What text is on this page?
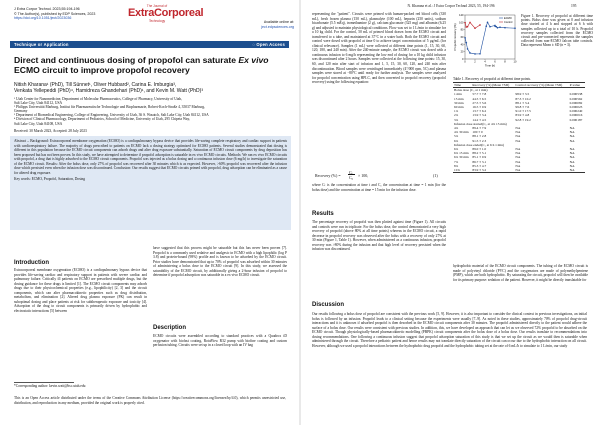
J Extra Corpor Technol. 2023;55:194-196
© The Author(s), published by EDP Sciences, 2023
https://doi.org/10.1051/ject/2023036
The Journal of
ExtraCorporeal
Technology	Available online at:
ject.edpsciences.org
Technique or Application	◌ Open Access
Direct and continuous dosing of propofol can saturate Ex vivo
ECMO circuit to improve propofol recovery
Nitish Kharana¹ (PhD), Till Sünnet¹, Oliver Hubbard², Carina E. Imburgia³,
Venkata Yellepeddi (PhD)⁴, Hamidreza Ghandehari (PhD)¹, and Kevin M. Watt (PhD)³
¹ Utah Center for Nanomedicine, Department of Molecular Pharmaceutics, College of Pharmacy, University of Utah,
Salt Lake City, Utah 84112, USA
² Philipps Universität Marburg, Institut für Pharmazeutische Technologie und Biopharmazie, Robert-Koch-Straße 4, 35037 Marburg,
Germany
³ Department of Biomedical Engineering, College of Engineering, University of Utah, 36 S. Wasatch, Salt Lake City, Utah 84112, USA
⁴ Division of Clinical Pharmacology, Department of Pediatrics, School of Medicine, University of Utah, 295 Chipeta Way,
Salt Lake City, Utah 84108, USA
Received: 30 March 2023, Accepted: 28 July 2023
Abstract – Background: Extracorporeal membrane oxygenation (ECMO) is a cardiopulmonary bypass device that provides life-saving complete respiratory and cardiac support in patients with cardiorespiratory failure. The majority of drugs prescribed to patients on ECMO lack a dosing strategy optimized for ECMO patients. Several studies demonstrated that dosing is different in this population because the ECMO circuit components can adsorb drugs and alter drug exposure substantially. Saturation of ECMO circuit components by drug deposition has been proposed but has not been proven. In this study, we have attempted to determine if propofol adsorption is saturable in ex vivo ECMO circuits. Methods: We ran ex vivo ECMO circuits with propofol, a drug that is highly adsorbed to the ECMO circuit components. Propofol was injected as a bolus dosing and a continuous infusion dose (6 mg/h) to investigate the saturation of the ECMO circuit. Results: After the bolus dose, only 27% of propofol was recovered after 30 minutes which is as expected. However, >60% propofol was recovered after the infusion dose which persisted even when the infusion dose was discontinued. Conclusion: Our results suggest that ECMO circuits primed with propofol, drug adsorption can be eliminated as a cause for altered drug exposure.
Key words: ECMO, Propofol, Saturation, Dosing
Introduction
Extracorporeal membrane oxygenation (ECMO) is a cardiopulmonary bypass device that provides life-saving cardiac and respiratory support in patients with severe cardiac and pulmonary failure. Critically ill patients on ECMO are prescribed multiple drugs, but the dosing guidance for these drugs is limited [1]. The ECMO circuit components may adsorb drugs due to their physicochemical properties (e.g., lipophilicity) [2, 3] and the circuit components, which can alter pharmacokinetic properties such as drug distribution, metabolism, and elimination [2]. Altered drug plasma exposure (PK) can result in suboptimal dosing and place patients at risk for subtherapeutic exposure and toxicity [4]. Adsorption of the drug to circuit components is primarily driven by hydrophobic and electrostatic interactions [5] between
have suggested that this process might be saturable but this has never been proven [7]. Propofol is a commonly used sedative and analgesic in ECMO with a high lipophilic (log P 3.8) and protein-bound (98%) profile and is known to be adsorbed by the ECMO circuit. Prior studies have demonstrated that up to 70% of propofol was adsorbed within 30 minutes of administering a bolus dose to the ECMO circuit [9]. In this study, we assessed the saturability of the ECMO circuit, by additionally giving a 2-hour infusion of propofol to determine if propofol adsorption was saturable in a ex vivo ECMO circuit.
Description
ECMO circuits were assembled according to standard practices with a Quadrox iD oxygenator with biofast coating, RotaFlow R32 pump with biofine coating and custom perfusion tubing. Circuits were set up in a closed loop with an IV bag
*Corresponding author: kevin.watt@hsc.utah.edu
This is an Open Access article distributed under the terms of the Creative Commons Attribution License (https://creativecommons.org/licenses/by/4.0), which permits unrestricted use, distribution, and reproduction in any medium, provided the original work is properly cited.
N. Kharana et al.: J Extra Corpor Technol 2023, 55, 194-196	195
representing the "patient". Circuits were primed with human-packed red blood cells (330 mL), fresh frozen plasma (150 mL), plasmalyte (100 mL), heparin (250 units), sodium bicarbonate (5.5 mEq), tromethamine (2 g), calcium gluconate (325 mg) and albumin (6.25 g) and adjusted to maintain physiological conditions. Flow was set to 1 L/min to simulate for a 10 kg child. For the control, 50 mL of primed blood drawn from the ECMO circuit and transferred to a tube, and maintained at 37°C in a water bath. Both the ECMO circuit and control were dosed with propofol at time 0 to achieve target concentration of 5 µg/mL (for clinical relevance). Samples (1 mL) were collected at different time points (1, 15, 30, 60, 120, 180, and 240 min). After the 240-minute sample, the ECMO circuit was dosed with a continuous infusion to 6 mg/h representing the low end of dosing for a 10 kg child infusion was discontinued after 2 hours. Samples were collected at the following time points: 15, 30, 60, and 120 min after start of infusion and 1, 5, 15, 30, 60, 120, and 240 min after discontinuation. Blood samples were centrifuged immediately (4°/000 rpm, 5C) and plasma samples were stored at −80°C until ready for further analysis. The samples were analyzed for propofol concentration using HPLC, and then converted to propofol recovery (propofol recovery) using the following equation:
Recovery (%) =
Cₜ
C₀ × 100,	(1)
where Cₜ is the concentration at time t and C₀ the concentration at time = 1 min (for the bolus dose) and the concentration at time = 15 min for the infusion dose.
Results
The percentage recovery of propofol was then plotted against time (Figure 1). All circuits and controls were run in triplicate. For the bolus dose, the control demonstrated a very high recovery of propofol (above 80% at all time points) whereas in the ECMO circuit, a rapid decrease in propofol recovery was observed after the bolus with a recovery of only 27% at 30 min (Figure 1, Table 1). However, when administered as a continuous infusion, propofol recovery was >80% during the infusion and that high level of recovery persisted when the infusion was discontinued.
Discussion
Our results following a bolus dose of propofol are consistent with the previous work [5, 9]. However, it is also important to consider the clinical context in previous investigations, an initial bolus is followed by an infusion. Propofol leads to a clinical setting because the experiments were usually [7–9]. As noted in these studies, approximately 70% of propofol drug-circuit interactions and it is unknown if adsorbed propofol is then desorbed in the ECMO circuit components after 30 minutes. The propofol administered directly to the patient would adhere the surface of a bolus dose. Our results were consistent with previous studies. In addition, this, we have developed an approach that can let us we observed 72% propofol to be absorbed on the ECMO circuit. Though physiologically-based pharmacokinetic modelling (PBPK) circuit components after the bolus dose of a bolus dose. Our results translate to recommendations into dosing recommendations. One following a continuous infusion suggest that propofol adsorption saturation of this study is that we set up the circuit as we would then is saturable when administered through the circuit. Therefore a pediatric patient and hence results may not translate directly saturation of the circuit can occur due to the hydrophobic interaction on all circuit. However, although we used a propofol interactions between the hydrophobic drug propofol and the hydrophobic tubing set at the rate of 6 mL/h to simulate to 1 L/min, our study
0
20
40
60
80
100
120
0	2	4	6	8	10
Time (h)
Propofol recovery (%)
ECMO
Control
Figure 1. Recovery of propofol at different time points. Bolus dose was given at 0 and infusion dose started at 4 h and stopped at 6 h with samples collected up to a total of 10 h. Propofol recovery samples collected from the ECMO circuit and pre-connected represents the samples collected from non-ECMO falcon tube controls. Data represent Mean ± SD (n = 3).
Table 1. Recovery of propofol at different time points.
Time	Recovery (%) (Mean ±SD)	Control recovery (%) (Mean ±SD)	P-value
Bolus dose (C₀ at 1 min)			
1 min	57.7 ± 7.8	98.9 ± 3.5	0.000538
15 min	44.5 ± 6.5	87.3 ± 10.2	0.000562
30 min	27.5 ± 5.6	88.1 ± 3.4	0.000082
60 min	16.5 ± 0.9	99.8 ± 7.6	0.000023
1 h	13.7 ± 6.2	91.0 ± 17.5	0.000240
2 h	13.9 ± 3.4	83.9 ± 4.8	0.000016
3 h	14.2 ± 4.5	92.8 ± 19.2	0.000187
Infusion dose started(C₀ at 4 h 15 min)			
4 h	89.4 ± 7.9	NA	NA
4 h 30 min	100 ± 0	NA	NA
5 h	88.1 ± 2.8	NA	NA
6 h	91.5 ± 2.3	NA	NA
Infusion dose ended(C₀ at 6 h 1 min)			
6 h	89.0 ± 1.0	NA	NA
6 h 15 min	88.2 ± 5.1	NA	NA
6 h 30 min	85.1 ± 0.9	NA	NA
7 h	86.7 ± 3.1	NA	NA
8 h	85.3 ± 4.7	NA	NA
10 h	83.9 ± 3.2	NA	NA
hydrophobic material of the ECMO circuit components. The tubing of the ECMO circuit is made of polyvinyl chloride (PVC) and the oxygenators are made of polymethylpentene (PMP), which are both hydrophobic. By saturating the circuit, propofol will then be available for its primary purpose: sedation of the patient. However, it might be directly translatable for
